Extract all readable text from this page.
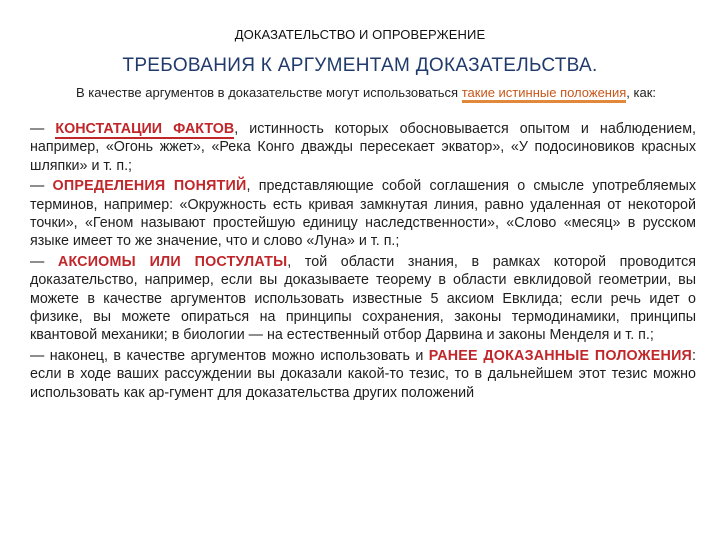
ДОКАЗАТЕЛЬСТВО И ОПРОВЕРЖЕНИЕ
ТРЕБОВАНИЯ К АРГУМЕНТАМ ДОКАЗАТЕЛЬСТВА.
В качестве аргументов в доказательстве могут использоваться такие истинные положения, как:

— КОНСТАТАЦИИ ФАКТОВ, истинность которых обосновывается опытом и наблюдением, например, «Огонь жжет», «Река Конго дважды пересекает экватор», «У подосиновиков красных шляпки» и т. п.;

— ОПРЕДЕЛЕНИЯ ПОНЯТИЙ, представляющие собой соглашения о смысле употребляемых терминов, например: «Окружность есть кривая замкнутая линия, равно удаленная от некоторой точки», «Геном называют простейшую единицу наследственности», «Слово «месяц» в русском языке имеет то же значение, что и слово «Луна» и т. п.;

— АКСИОМЫ ИЛИ ПОСТУЛАТЫ, той области знания, в рамках которой проводится доказательство, например, если вы доказываете теорему в области евклидовой геометрии, вы можете в качестве аргументов использовать известные 5 аксиом Евклида; если речь идет о физике, вы можете опираться на принципы сохранения, законы термодинамики, принципы квантовой механики; в биологии — на естественный отбор Дарвина и законы Менделя и т. п.;

— наконец, в качестве аргументов можно использовать и РАНЕЕ ДОКАЗАННЫЕ ПОЛОЖЕНИЯ: если в ходе ваших рассуждении вы доказали какой-то тезис, то в дальнейшем этот тезис можно использовать как ар-гумент для доказательства других положений
